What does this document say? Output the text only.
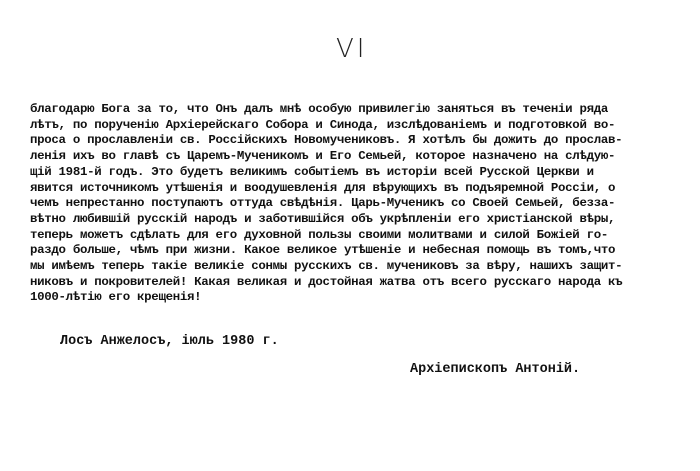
VI
благодарю Бога за то, что Онъ далъ мнѣ особую привилегію заняться въ теченіи ряда
лѣтъ, по порученію Архіерейскаго Собора и Синода, изслѣдованіемъ и подготовкой во-
проса о прославленіи св. Россійскихъ Новомучениковъ. Я хотѣлъ бы дожить до прослав-
ленія ихъ во главѣ съ Царемъ-Мученикомъ и Его Семьей, которое назначено на слѣдую-
щій 1981-й годъ. Это будетъ великимъ событіемъ въ исторіи всей Русской Церкви и
явится источникомъ утѣшенія и воодушевленія для вѣрующихъ въ подъяремной Россіи, о
чемъ непрестанно поступаютъ оттуда свѣдѣнія. Царь-Мученикъ со Своей Семьей, безза-
вѣтно любившій русскій народъ и заботившійся объ укрѣпленіи его христіанской вѣры,
теперь можетъ сдѣлать для его духовной пользы своими молитвами и силой Божіей го-
раздо больше, чѣмъ при жизни. Какое великое утѣшеніе и небесная помощь въ томъ,что
мы имѣемъ теперь такіе великіе сонмы русскихъ св. мучениковъ за вѣру, нашихъ защит-
никовъ и покровителей! Какая великая и достойная жатва отъ всего русскаго народа къ
1000-лѣтію его крещенія!
Лосъ Анжелосъ, іюль 1980 г.
Архіепископъ Антоній.
